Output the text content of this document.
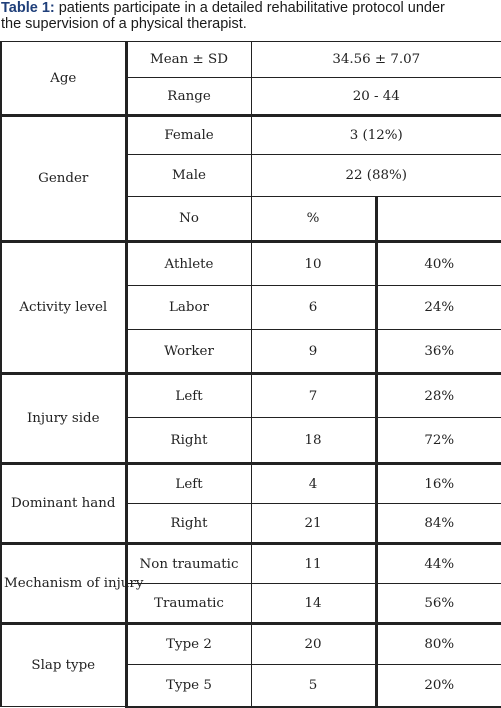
Table 1: patients participate in a detailed rehabilitative protocol under
the supervision of a physical therapist.
Age	Mean ± SD	34.56 ± 7.07	
	Range	20 - 44	
Gender	Female	3 (12%)	
	Male	22 (88%)	
	No	%	
Activity level	Athlete	10	40%
	Labor	6	24%
	Worker	9	36%
Injury side	Left	7	28%
	Right	18	72%
Dominant hand	Left	4	16%
	Right	21	84%
Mechanism of injury	Non traumatic	11	44%
	Traumatic	14	56%
Slap type	Type 2	20	80%
	Type 5	5	20%
